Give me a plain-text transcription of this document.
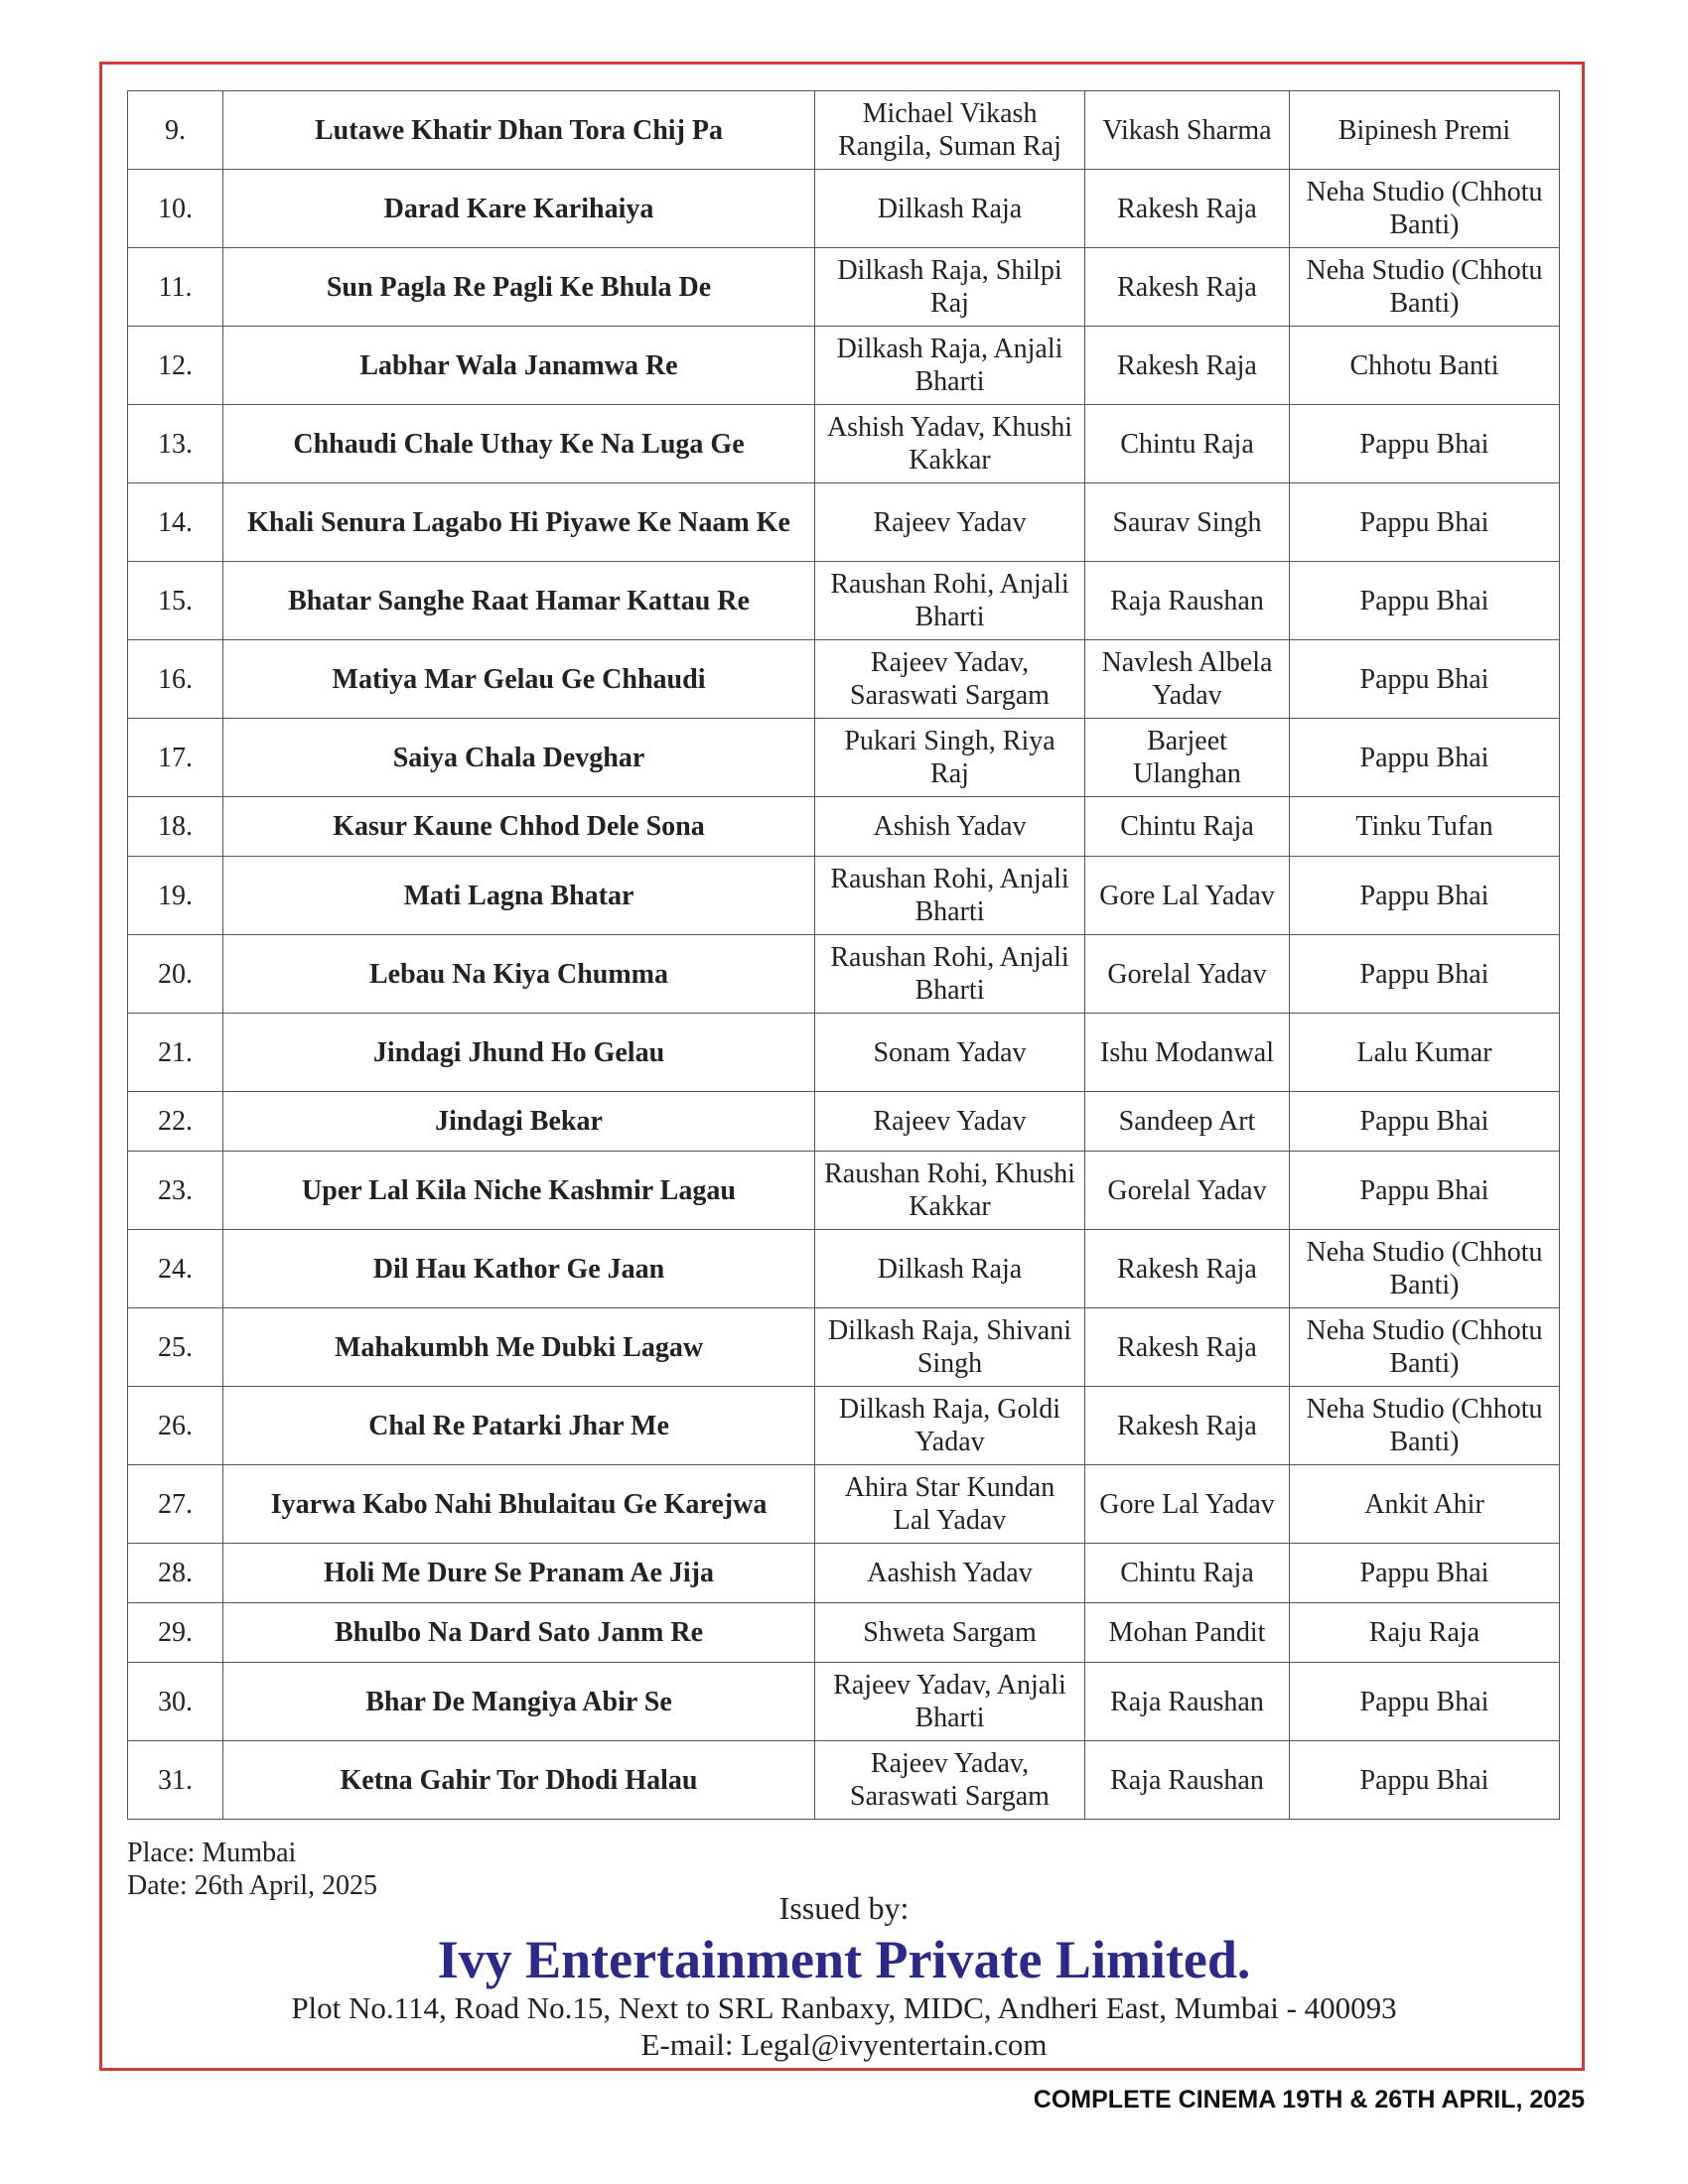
9.	Lutawe Khatir Dhan Tora Chij Pa	Michael Vikash Rangila, Suman Raj	Vikash Sharma	Bipinesh Premi
10.	Darad Kare Karihaiya	Dilkash Raja	Rakesh Raja	Neha Studio (Chhotu Banti)
11.	Sun Pagla Re Pagli Ke Bhula De	Dilkash Raja, Shilpi Raj	Rakesh Raja	Neha Studio (Chhotu Banti)
12.	Labhar Wala Janamwa Re	Dilkash Raja, Anjali Bharti	Rakesh Raja	Chhotu Banti
13.	Chhaudi Chale Uthay Ke Na Luga Ge	Ashish Yadav, Khushi Kakkar	Chintu Raja	Pappu Bhai
14.	Khali Senura Lagabo Hi Piyawe Ke Naam Ke	Rajeev Yadav	Saurav Singh	Pappu Bhai
15.	Bhatar Sanghe Raat Hamar Kattau Re	Raushan Rohi, Anjali Bharti	Raja Raushan	Pappu Bhai
16.	Matiya Mar Gelau Ge Chhaudi	Rajeev Yadav, Saraswati Sargam	Navlesh Albela Yadav	Pappu Bhai
17.	Saiya Chala Devghar	Pukari Singh, Riya Raj	Barjeet Ulanghan	Pappu Bhai
18.	Kasur Kaune Chhod Dele Sona	Ashish Yadav	Chintu Raja	Tinku Tufan
19.	Mati Lagna Bhatar	Raushan Rohi, Anjali Bharti	Gore Lal Yadav	Pappu Bhai
20.	Lebau Na Kiya Chumma	Raushan Rohi, Anjali Bharti	Gorelal Yadav	Pappu Bhai
21.	Jindagi Jhund Ho Gelau	Sonam Yadav	Ishu Modanwal	Lalu Kumar
22.	Jindagi Bekar	Rajeev Yadav	Sandeep Art	Pappu Bhai
23.	Uper Lal Kila Niche Kashmir Lagau	Raushan Rohi, Khushi Kakkar	Gorelal Yadav	Pappu Bhai
24.	Dil Hau Kathor Ge Jaan	Dilkash Raja	Rakesh Raja	Neha Studio (Chhotu Banti)
25.	Mahakumbh Me Dubki Lagaw	Dilkash Raja, Shivani Singh	Rakesh Raja	Neha Studio (Chhotu Banti)
26.	Chal Re Patarki Jhar Me	Dilkash Raja, Goldi Yadav	Rakesh Raja	Neha Studio (Chhotu Banti)
27.	Iyarwa Kabo Nahi Bhulaitau Ge Karejwa	Ahira Star Kundan Lal Yadav	Gore Lal Yadav	Ankit Ahir
28.	Holi Me Dure Se Pranam Ae Jija	Aashish Yadav	Chintu Raja	Pappu Bhai
29.	Bhulbo Na Dard Sato Janm Re	Shweta Sargam	Mohan Pandit	Raju Raja
30.	Bhar De Mangiya Abir Se	Rajeev Yadav, Anjali Bharti	Raja Raushan	Pappu Bhai
31.	Ketna Gahir Tor Dhodi Halau	Rajeev Yadav, Saraswati Sargam	Raja Raushan	Pappu Bhai
Place: Mumbai
Date: 26th April, 2025
Issued by:
Ivy Entertainment Private Limited.
Plot No.114, Road No.15, Next to SRL Ranbaxy, MIDC, Andheri East, Mumbai - 400093
E-mail: Legal@ivyentertain.com
COMPLETE CINEMA 19TH & 26TH APRIL, 2025
